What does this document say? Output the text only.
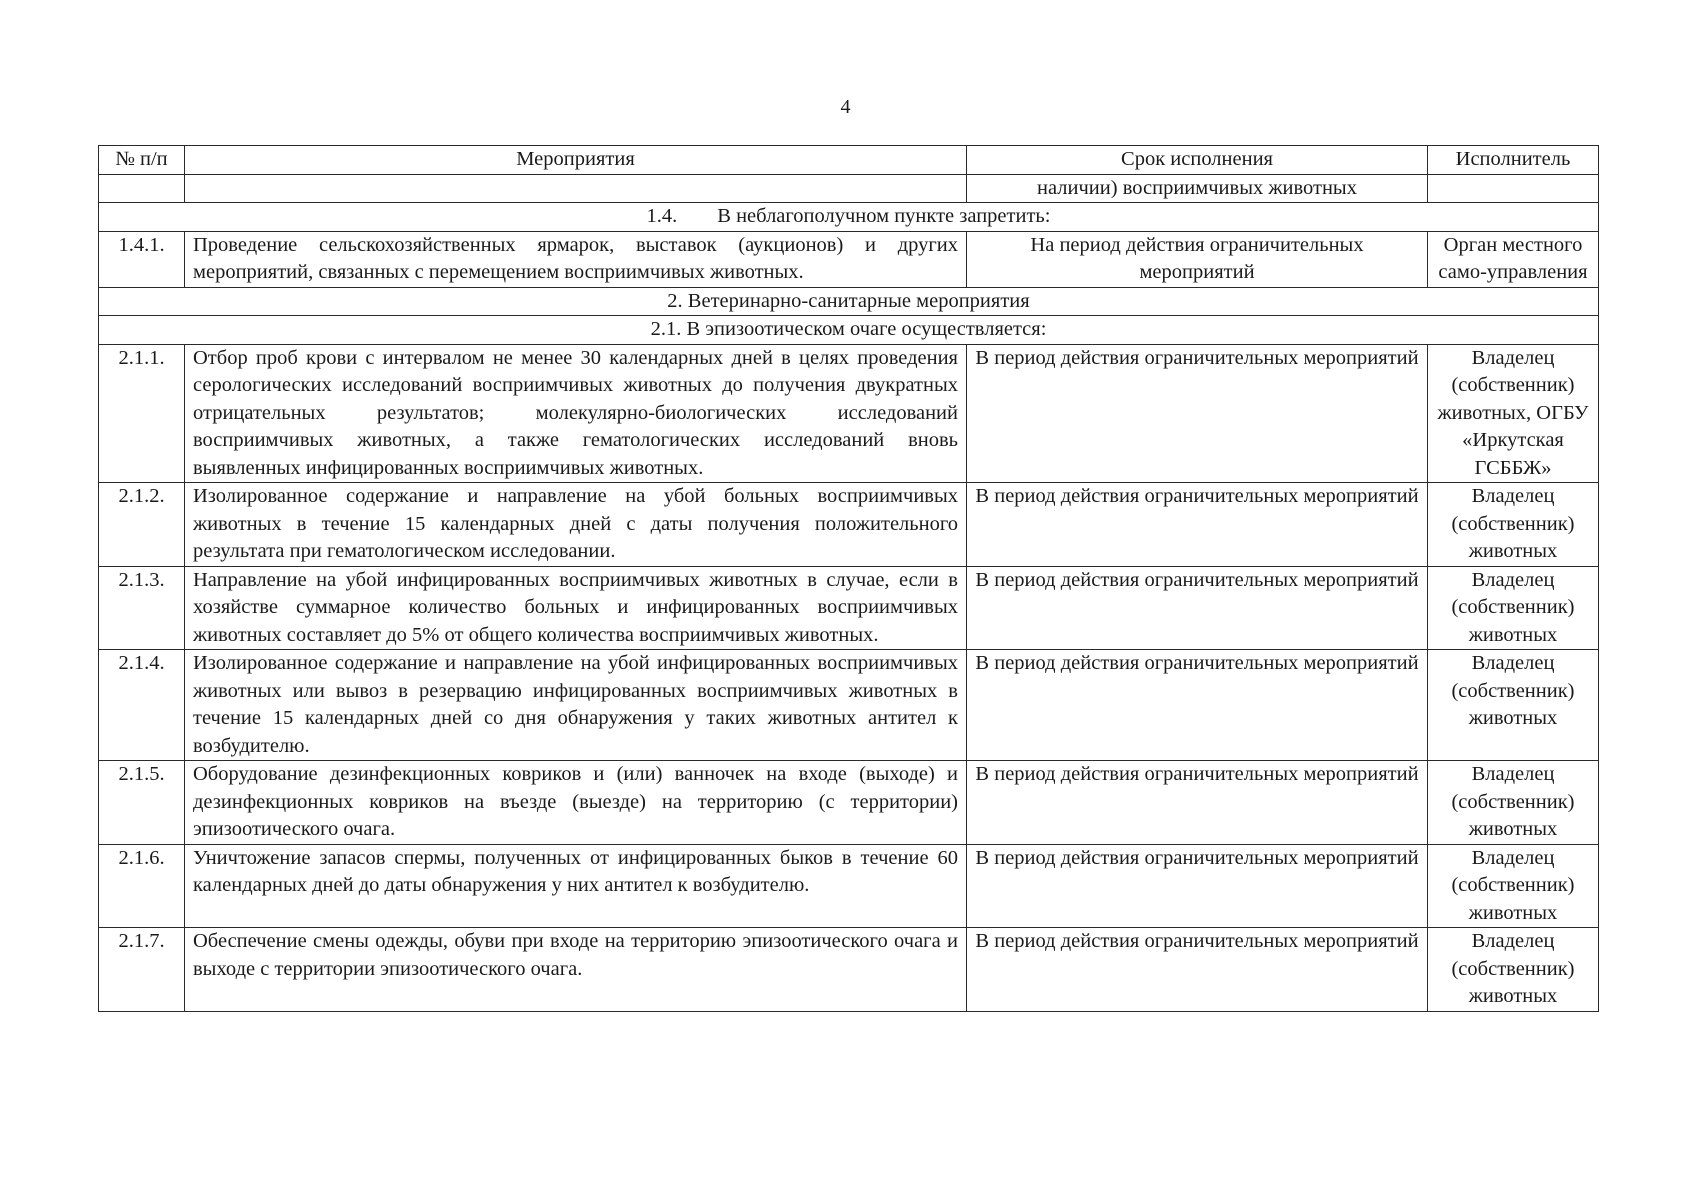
4
№ п/п	Мероприятия	Срок исполнения	Исполнитель
		наличии) восприимчивых животных	
1.4. В неблагополучном пункте запретить:			
1.4.1.	Проведение сельскохозяйственных ярмарок, выставок (аукционов) и других мероприятий, связанных с перемещением восприимчивых животных.	На период действия ограничительных мероприятий	Орган местного само-управления
2. Ветеринарно-санитарные мероприятия			
2.1. В эпизоотическом очаге осуществляется:			
2.1.1.	Отбор проб крови с интервалом не менее 30 календарных дней в целях проведения серологических исследований восприимчивых животных до получения двукратных отрицательных результатов; молекулярно-биологических исследований восприимчивых животных, а также гематологических исследований вновь выявленных инфицированных восприимчивых животных.	В период действия ограничительных мероприятий	Владелец (собственник) животных, ОГБУ «Иркутская ГСББЖ»
2.1.2.	Изолированное содержание и направление на убой больных восприимчивых животных в течение 15 календарных дней с даты получения положительного результата при гематологическом исследовании.	В период действия ограничительных мероприятий	Владелец (собственник) животных
2.1.3.	Направление на убой инфицированных восприимчивых животных в случае, если в хозяйстве суммарное количество больных и инфицированных восприимчивых животных составляет до 5% от общего количества восприимчивых животных.	В период действия ограничительных мероприятий	Владелец (собственник) животных
2.1.4.	Изолированное содержание и направление на убой инфицированных восприимчивых животных или вывоз в резервацию инфицированных восприимчивых животных в течение 15 календарных дней со дня обнаружения у таких животных антител к возбудителю.	В период действия ограничительных мероприятий	Владелец (собственник) животных
2.1.5.	Оборудование дезинфекционных ковриков и (или) ванночек на входе (выходе) и дезинфекционных ковриков на въезде (выезде) на территорию (с территории) эпизоотического очага.	В период действия ограничительных мероприятий	Владелец (собственник) животных
2.1.6.	Уничтожение запасов спермы, полученных от инфицированных быков в течение 60 календарных дней до даты обнаружения у них антител к возбудителю.	В период действия ограничительных мероприятий	Владелец (собственник) животных
2.1.7.	Обеспечение смены одежды, обуви при входе на территорию эпизоотического очага и выходе с территории эпизоотического очага.	В период действия ограничительных мероприятий	Владелец (собственник) животных
